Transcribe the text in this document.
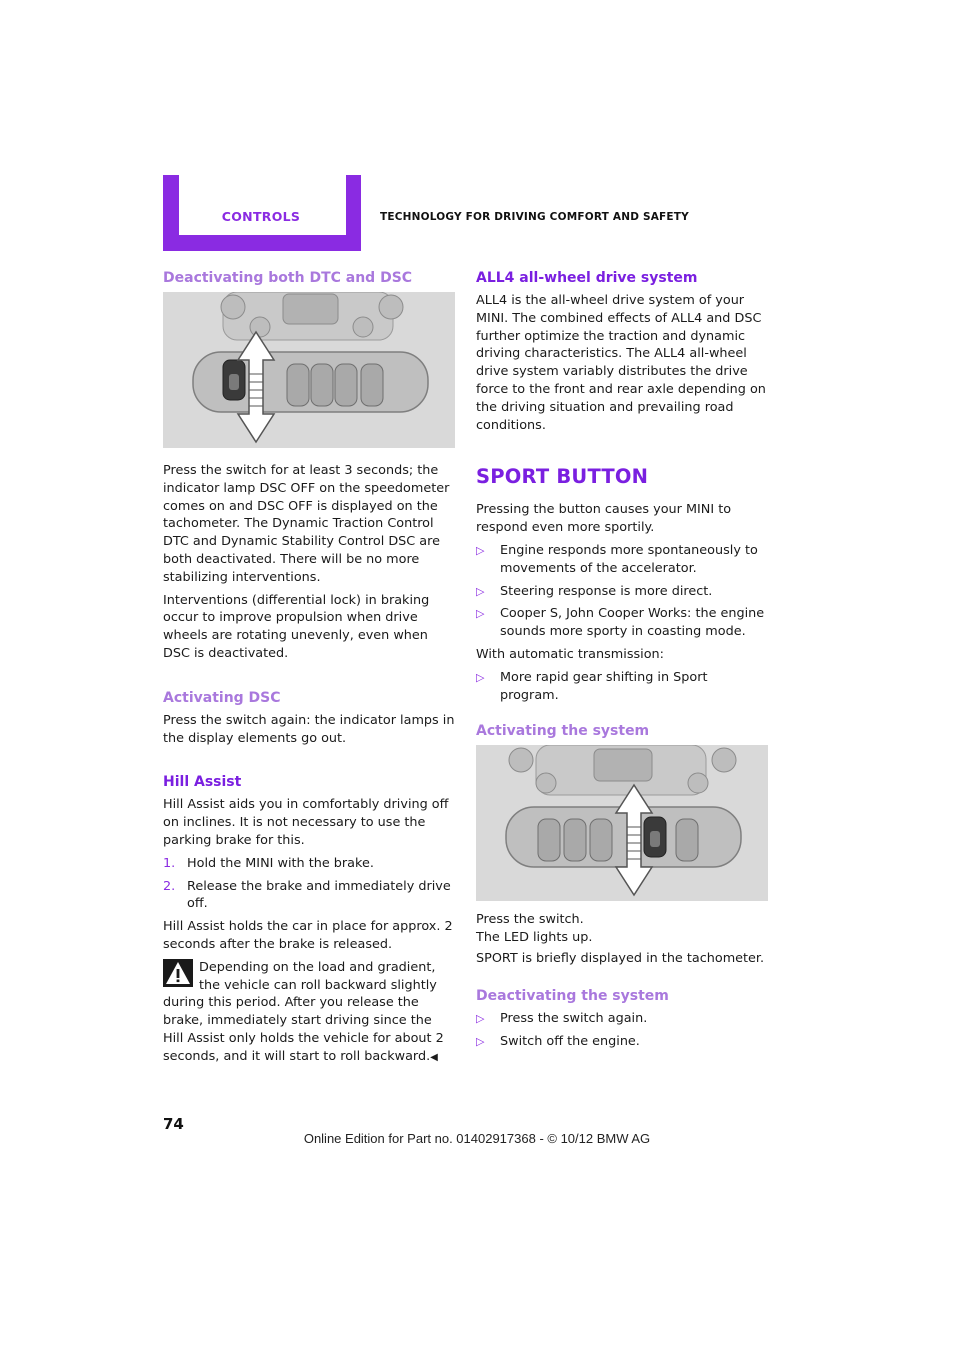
CONTROLS	TECHNOLOGY FOR DRIVING COMFORT AND SAFETY
Deactivating both DTC and DSC

Press the switch for at least 3 seconds; the indicator lamp DSC OFF on the speedometer comes on and DSC OFF is displayed on the tachometer. The Dynamic Traction Control DTC and Dynamic Stability Control DSC are both deactivated. There will be no more stabilizing interventions.

Interventions (differential lock) in braking occur to improve propulsion when drive wheels are rotating unevenly, even when DSC is deactivated.

Activating DSC

Press the switch again: the indicator lamps in the display elements go out.

Hill Assist

Hill Assist aids you in comfortably driving off on inclines. It is not necessary to use the parking brake for this.

1. Hold the MINI with the brake.
2. Release the brake and immediately drive off.

Hill Assist holds the car in place for approx. 2 seconds after the brake is released.

Depending on the load and gradient, the vehicle can roll backward slightly during this period. After you release the brake, immediately start driving since the Hill Assist only holds the vehicle for about 2 seconds, and it will start to roll backward.◀

ALL4 all-wheel drive system

ALL4 is the all-wheel drive system of your MINI. The combined effects of ALL4 and DSC further optimize the traction and dynamic driving characteristics. The ALL4 all-wheel drive system variably distributes the drive force to the front and rear axle depending on the driving situation and prevailing road conditions.

SPORT BUTTON

Pressing the button causes your MINI to respond even more sportily.

▷ Engine responds more spontaneously to movements of the accelerator.
▷ Steering response is more direct.
▷ Cooper S, John Cooper Works: the engine sounds more sporty in coasting mode.

With automatic transmission:

▷ More rapid gear shifting in Sport program.
Activating the system

Press the switch.
The LED lights up.

SPORT is briefly displayed in the tachometer.

Deactivating the system
▷ Press the switch again.
▷ Switch off the engine.
74
Online Edition for Part no. 01402917368 - © 10/12 BMW AG
